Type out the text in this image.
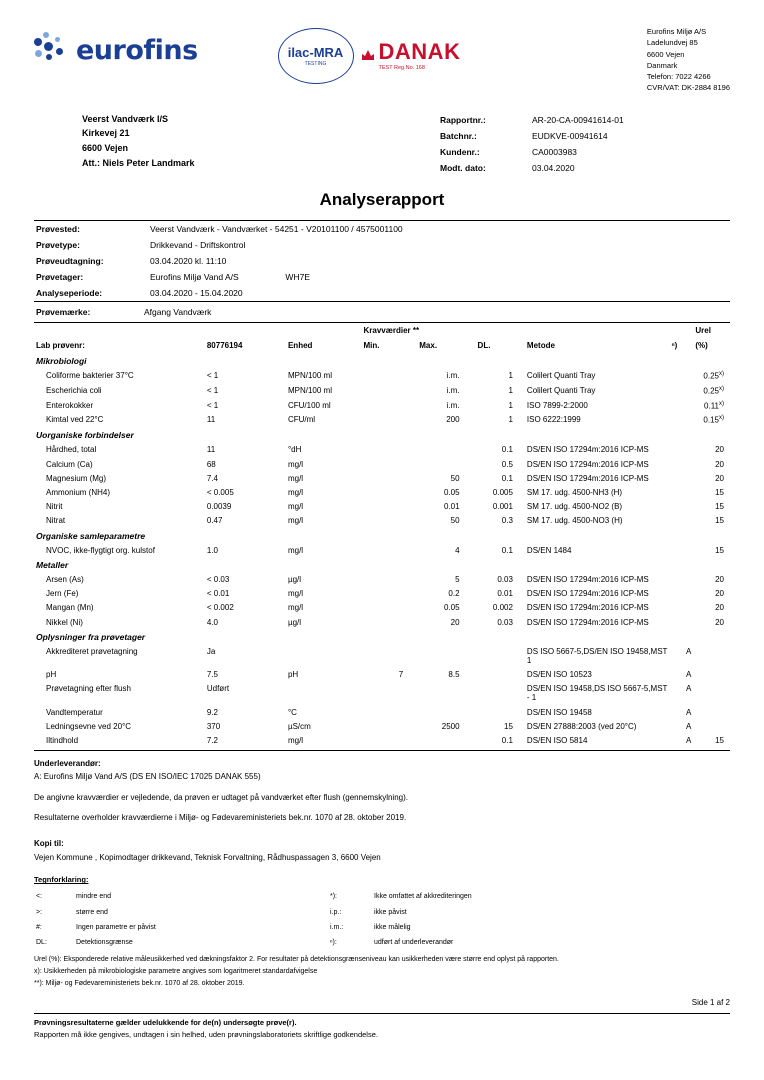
eurofins	ilac-MRA
TESTING DANAK
TEST Reg.No. 168
Eurofins Miljø A/S
Ladelundvej 85
6600 Vejen
Danmark
Telefon: 7022 4266
CVR/VAT: DK-2884 8196
Veerst Vandværk I/S
Kirkevej 21
6600 Vejen
Att.: Niels Peter Landmark
Rapportnr.:	AR-20-CA-00941614-01
Batchnr.:	EUDKVE-00941614
Kundenr.:	CA0003983
Modt. dato:	03.04.2020
Analyserapport
Prøvested:	Veerst Vandværk - Vandværket - 54251 - V20101100 / 4575001100
Prøvetype:	Drikkevand - Driftskontrol
Prøveudtagning:	03.04.2020 kl. 11:10
Prøvetager:	Eurofins Miljø Vand A/S WH7E
Analyseperiode:	03.04.2020 - 15.04.2020
Prøvemærke:	Afgang Vandværk
			Kravværdier **					Urel
Lab prøvenr:	80776194	Enhed	Min.	Max.	DL.	Metode	ⁿ)	(%)
Mikrobiologi								
Coliforme bakterier 37°C	< 1	MPN/100 ml		i.m.	1	Colilert Quanti Tray		0.25$^{x)}$
Escherichia coli	< 1	MPN/100 ml		i.m.	1	Colilert Quanti Tray		0.25$^{x)}$
Enterokokker	< 1	CFU/100 ml		i.m.	1	ISO 7899-2:2000		0.11$^{x)}$
Kimtal ved 22°C	11	CFU/ml		200	1	ISO 6222:1999		0.15$^{x)}$
Uorganiske forbindelser								
Hårdhed, total	11	°dH			0.1	DS/EN ISO 17294m:2016 ICP-MS		20
Calcium (Ca)	68	mg/l			0.5	DS/EN ISO 17294m:2016 ICP-MS		20
Magnesium (Mg)	7.4	mg/l		50	0.1	DS/EN ISO 17294m:2016 ICP-MS		20
Ammonium (NH4)	< 0.005	mg/l		0.05	0.005	SM 17. udg. 4500-NH3 (H)		15
Nitrit	0.0039	mg/l		0.01	0.001	SM 17. udg. 4500-NO2 (B)		15
Nitrat	0.47	mg/l		50	0.3	SM 17. udg. 4500-NO3 (H)		15
Organiske samleparametre								
NVOC, ikke-flygtigt org. kulstof	1.0	mg/l		4	0.1	DS/EN 1484		15
Metaller								
Arsen (As)	< 0.03	µg/l		5	0.03	DS/EN ISO 17294m:2016 ICP-MS		20
Jern (Fe)	< 0.01	mg/l		0.2	0.01	DS/EN ISO 17294m:2016 ICP-MS		20
Mangan (Mn)	< 0.002	mg/l		0.05	0.002	DS/EN ISO 17294m:2016 ICP-MS		20
Nikkel (Ni)	4.0	µg/l		20	0.03	DS/EN ISO 17294m:2016 ICP-MS		20
Oplysninger fra prøvetager								
Akkrediteret prøvetagning	Ja					DS ISO 5667-5,DS/EN ISO 19458,MST 1	A	
pH	7.5	pH	7	8.5		DS/EN ISO 10523	A	
Prøvetagning efter flush	Udført					DS/EN ISO 19458,DS ISO 5667-5,MST - 1	A	
Vandtemperatur	9.2	°C				DS/EN ISO 19458	A	
Ledningsevne ved 20°C	370	µS/cm		2500	15	DS/EN 27888:2003 (ved 20°C)	A	
Iltindhold	7.2	mg/l			0.1	DS/EN ISO 5814	A	15
Underleverandør:
A: Eurofins Miljø Vand A/S (DS EN ISO/IEC 17025 DANAK 555)

De angivne kravværdier er vejledende, da prøven er udtaget på vandværket efter flush (gennemskylning).

Resultaterne overholder kravværdierne i Miljø- og Fødevareministeriets bek.nr. 1070 af 28. oktober 2019.

Kopi til:
Vejen Kommune , Kopimodtager drikkevand, Teknisk Forvaltning, Rådhuspassagen 3, 6600 Vejen
Tegnforklaring:
<:	mindre end	*):	Ikke omfattet af akkrediteringen
>:	større end	i.p.:	ikke påvist
#:	Ingen parametre er påvist	i.m.:	ikke målelig
DL:	Detektionsgrænse	ⁿ):	udført af underleverandør
Urel (%): Eksponderede relative måleusikkerhed ved dækningsfaktor 2. For resultater på detektionsgrænseniveau kan usikkerheden være større end oplyst på rapporten.
x): Usikkerheden på mikrobiologiske parametre angives som logaritmeret standardafvigelse
**): Miljø- og Fødevareministeriets bek.nr. 1070 af 28. oktober 2019.
Side 1 af 2
Prøvningsresultaterne gælder udelukkende for de(n) undersøgte prøve(r).
Rapporten må ikke gengives, undtagen i sin helhed, uden prøvningslaboratoriets skriftlige godkendelse.
